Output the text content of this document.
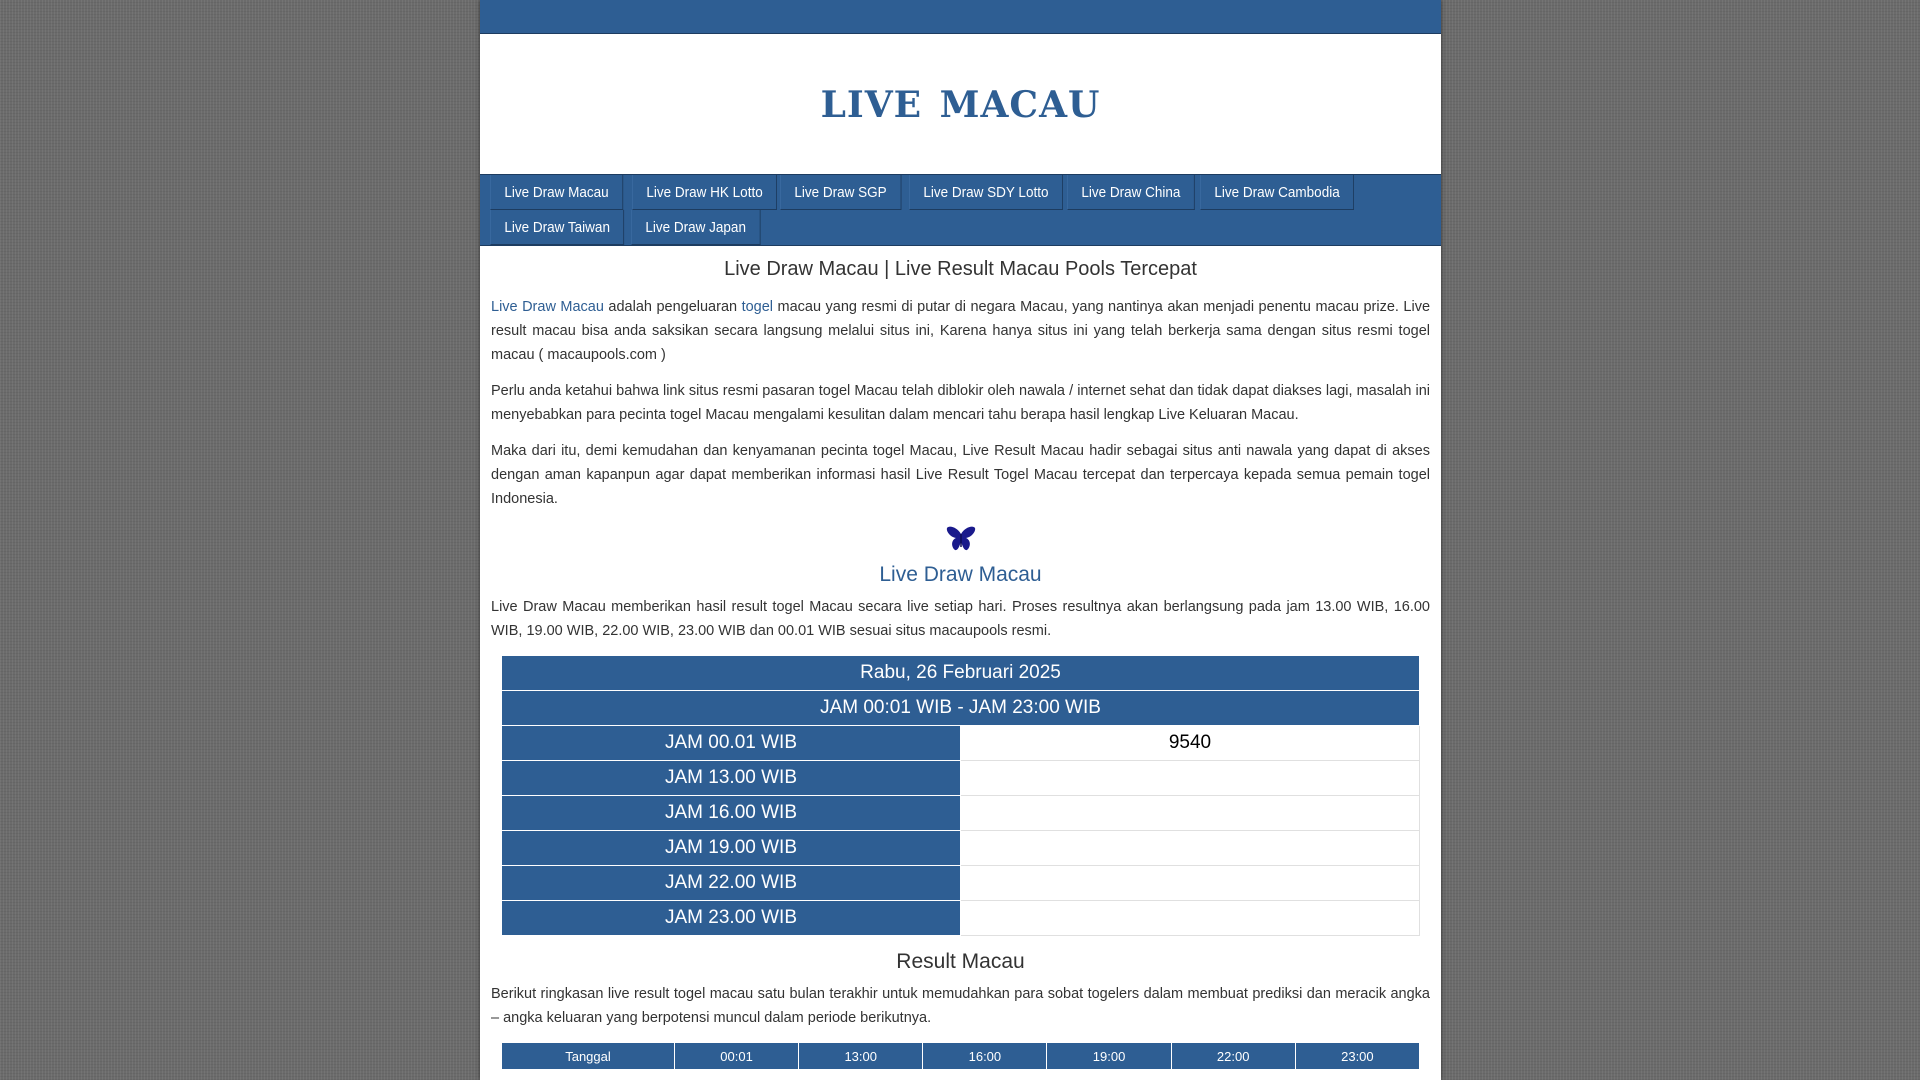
LIVE MACAU
Live Draw Macau	Live Draw HK Lotto	Live Draw SGP	Live Draw SDY Lotto	Live Draw China	Live Draw Cambodia
Live Draw Taiwan	Live Draw Japan
Live Draw Macau | Live Result Macau Pools Tercepat

Live Draw Macau adalah pengeluaran togel macau yang resmi di putar di negara Macau, yang nantinya akan menjadi penentu macau prize. Live result macau bisa anda saksikan secara langsung melalui situs ini, Karena hanya situs ini yang telah berkerja sama dengan situs resmi togel macau ( macaupools.com )

Perlu anda ketahui bahwa link situs resmi pasaran togel Macau telah diblokir oleh nawala / internet sehat dan tidak dapat diakses lagi, masalah ini menyebabkan para pecinta togel Macau mengalami kesulitan dalam mencari tahu berapa hasil lengkap Live Keluaran Macau.

Maka dari itu, demi kemudahan dan kenyamanan pecinta togel Macau, Live Result Macau hadir sebagai situs anti nawala yang dapat di akses dengan aman kapanpun agar dapat memberikan informasi hasil Live Result Togel Macau tercepat dan terpercaya kepada semua pemain togel Indonesia.

Live Draw Macau

Live Draw Macau memberikan hasil result togel Macau secara live setiap hari. Proses resultnya akan berlangsung pada jam 13.00 WIB, 16.00 WIB, 19.00 WIB, 22.00 WIB, 23.00 WIB dan 00.01 WIB sesuai situs macaupools resmi.

Rabu, 26 Februari 2025	
JAM 00:01 WIB - JAM 23:00 WIB	
JAM 00.01 WIB	9540
JAM 13.00 WIB	
JAM 16.00 WIB	
JAM 19.00 WIB	
JAM 22.00 WIB	
JAM 23.00 WIB	
Result Macau

Berikut ringkasan live result togel macau satu bulan terakhir untuk memudahkan para sobat togelers dalam membuat prediksi dan meracik angka – angka keluaran yang berpotensi muncul dalam periode berikutnya.

Tanggal	00:01	13:00	16:00	19:00	22:00	23:00
